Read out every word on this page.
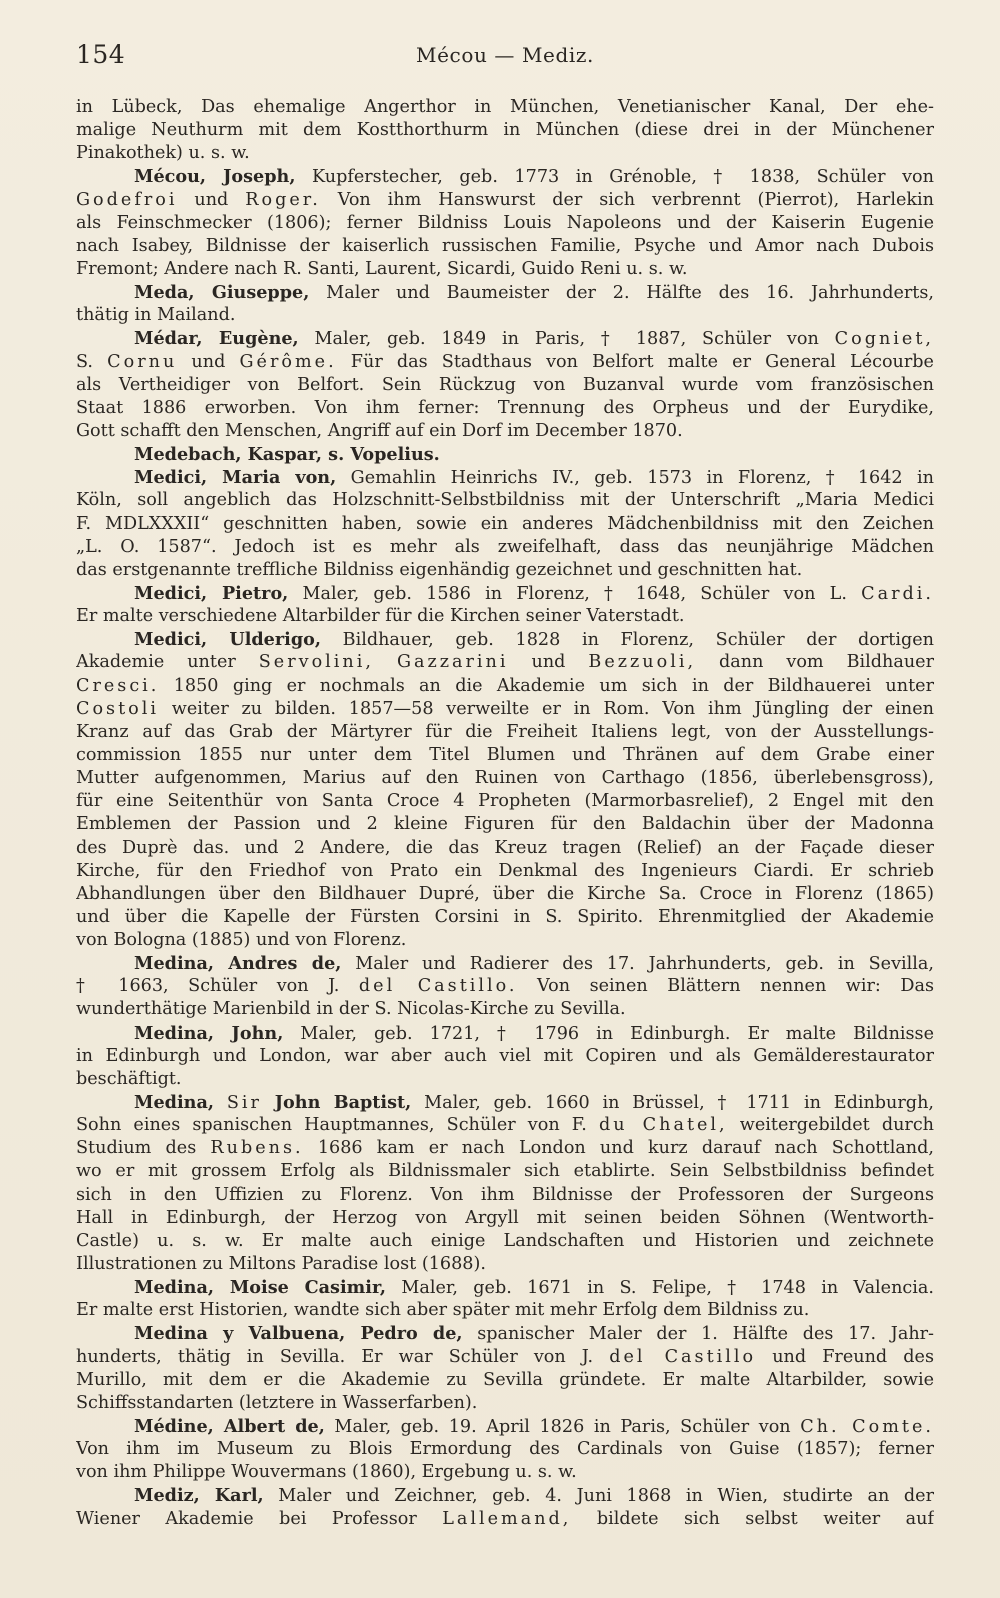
154	Mécou — Mediz.
in Lübeck, Das ehemalige Angerthor in München, Venetianischer Kanal, Der ehe-
malige Neuthurm mit dem Kostthorthurm in München (diese drei in der Münchener
Pinakothek) u. s. w.
Mécou, Joseph, Kupferstecher, geb. 1773 in Grénoble, † 1838, Schüler von
Godefroi und Roger. Von ihm Hanswurst der sich verbrennt (Pierrot), Harlekin
als Feinschmecker (1806); ferner Bildniss Louis Napoleons und der Kaiserin Eugenie
nach Isabey, Bildnisse der kaiserlich russischen Familie, Psyche und Amor nach Dubois
Fremont; Andere nach R. Santi, Laurent, Sicardi, Guido Reni u. s. w.
Meda, Giuseppe, Maler und Baumeister der 2. Hälfte des 16. Jahrhunderts,
thätig in Mailand.
Médar, Eugène, Maler, geb. 1849 in Paris, † 1887, Schüler von Cogniet,
S. Cornu und Gérôme. Für das Stadthaus von Belfort malte er General Lécourbe
als Vertheidiger von Belfort. Sein Rückzug von Buzanval wurde vom französischen
Staat 1886 erworben. Von ihm ferner: Trennung des Orpheus und der Eurydike,
Gott schafft den Menschen, Angriff auf ein Dorf im December 1870.
Medebach, Kaspar, s. Vopelius.
Medici, Maria von, Gemahlin Heinrichs IV., geb. 1573 in Florenz, † 1642 in
Köln, soll angeblich das Holzschnitt-Selbstbildniss mit der Unterschrift „Maria Medici
F. MDLXXXII“ geschnitten haben, sowie ein anderes Mädchenbildniss mit den Zeichen
„L. O. 1587“. Jedoch ist es mehr als zweifelhaft, dass das neunjährige Mädchen
das erstgenannte treffliche Bildniss eigenhändig gezeichnet und geschnitten hat.
Medici, Pietro, Maler, geb. 1586 in Florenz, † 1648, Schüler von L. Cardi.
Er malte verschiedene Altarbilder für die Kirchen seiner Vaterstadt.
Medici, Ulderigo, Bildhauer, geb. 1828 in Florenz, Schüler der dortigen
Akademie unter Servolini, Gazzarini und Bezzuoli, dann vom Bildhauer
Cresci. 1850 ging er nochmals an die Akademie um sich in der Bildhauerei unter
Costoli weiter zu bilden. 1857—58 verweilte er in Rom. Von ihm Jüngling der einen
Kranz auf das Grab der Märtyrer für die Freiheit Italiens legt, von der Ausstellungs-
commission 1855 nur unter dem Titel Blumen und Thränen auf dem Grabe einer
Mutter aufgenommen, Marius auf den Ruinen von Carthago (1856, überlebensgross),
für eine Seitenthür von Santa Croce 4 Propheten (Marmorbasrelief), 2 Engel mit den
Emblemen der Passion und 2 kleine Figuren für den Baldachin über der Madonna
des Duprè das. und 2 Andere, die das Kreuz tragen (Relief) an der Façade dieser
Kirche, für den Friedhof von Prato ein Denkmal des Ingenieurs Ciardi. Er schrieb
Abhandlungen über den Bildhauer Dupré, über die Kirche Sa. Croce in Florenz (1865)
und über die Kapelle der Fürsten Corsini in S. Spirito. Ehrenmitglied der Akademie
von Bologna (1885) und von Florenz.
Medina, Andres de, Maler und Radierer des 17. Jahrhunderts, geb. in Sevilla,
† 1663, Schüler von J. del Castillo. Von seinen Blättern nennen wir: Das
wunderthätige Marienbild in der S. Nicolas-Kirche zu Sevilla.
Medina, John, Maler, geb. 1721, † 1796 in Edinburgh. Er malte Bildnisse
in Edinburgh und London, war aber auch viel mit Copiren und als Gemälderestaurator
beschäftigt.
Medina, Sir John Baptist, Maler, geb. 1660 in Brüssel, † 1711 in Edinburgh,
Sohn eines spanischen Hauptmannes, Schüler von F. du Chatel, weitergebildet durch
Studium des Rubens. 1686 kam er nach London und kurz darauf nach Schottland,
wo er mit grossem Erfolg als Bildnissmaler sich etablirte. Sein Selbstbildniss befindet
sich in den Uffizien zu Florenz. Von ihm Bildnisse der Professoren der Surgeons
Hall in Edinburgh, der Herzog von Argyll mit seinen beiden Söhnen (Wentworth-
Castle) u. s. w. Er malte auch einige Landschaften und Historien und zeichnete
Illustrationen zu Miltons Paradise lost (1688).
Medina, Moise Casimir, Maler, geb. 1671 in S. Felipe, † 1748 in Valencia.
Er malte erst Historien, wandte sich aber später mit mehr Erfolg dem Bildniss zu.
Medina y Valbuena, Pedro de, spanischer Maler der 1. Hälfte des 17. Jahr-
hunderts, thätig in Sevilla. Er war Schüler von J. del Castillo und Freund des
Murillo, mit dem er die Akademie zu Sevilla gründete. Er malte Altarbilder, sowie
Schiffsstandarten (letztere in Wasserfarben).
Médine, Albert de, Maler, geb. 19. April 1826 in Paris, Schüler von Ch. Comte.
Von ihm im Museum zu Blois Ermordung des Cardinals von Guise (1857); ferner
von ihm Philippe Wouvermans (1860), Ergebung u. s. w.
Mediz, Karl, Maler und Zeichner, geb. 4. Juni 1868 in Wien, studirte an der
Wiener Akademie bei Professor Lallemand, bildete sich selbst weiter auf
